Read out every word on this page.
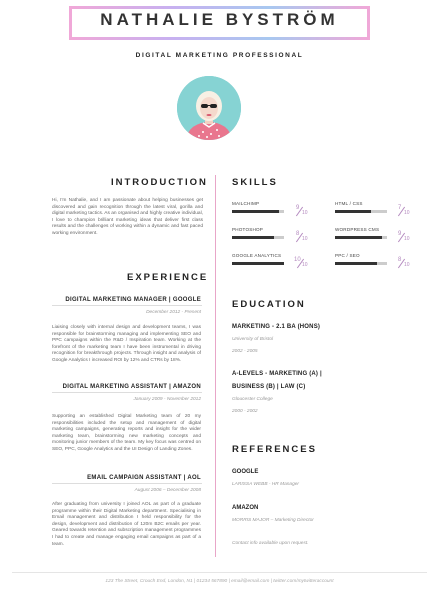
NATHALIE BYSTRÖM
DIGITAL MARKETING PROFESSIONAL
INTRODUCTION
Hi, I'm Nathalie, and I am passionate about helping businesses get discovered and gain recognition through the latest viral, gorilla and digital marketing tactics. As an organised and highly creative individual, I love to champion brilliant marketing ideas that deliver first class results and the challenges of working within a dynamic and fast paced working environment.
EXPERIENCE
DIGITAL MARKETING MANAGER | GOOGLE
December 2012 - Present
Liaising closely with internal design and development teams, I was responsible for brainstorming managing and implementing SEO and PPC campaigns within the R&D / Inspiration team. Working at the forefront of the marketing team I have been instrumental in driving recognition for breakthrough projects. Through insight and analysis of Google Analytics I increased ROI by 12% and CTRs by 18%.
DIGITAL MARKETING ASSISTANT | AMAZON
January 2009 - November 2012
Supporting an established Digital Marketing team of 20 my responsibilities included the setup and management of digital marketing campaigns, generating reports and insight for the wider marketing team, brainstorming new marketing concepts and monitoring junior members of the team. My key focus was centred on SEO, PPC, Google Analytics and the UI Design of Landing Zones.
EMAIL CAMPAIGN ASSISTANT | AOL
August 2006 – December 2008
After graduating from university I joined AOL as part of a graduate programme within their Digital Marketing department. Specialising in Email management and distribution I held responsibility for the design, development and distribution of 120m B2C emails per year. Geared towards retention and subscription management programmes I had to create and manage engaging email campaigns as part of a team.
SKILLS
MAILCHIMP
9
10
HTML / CSS
7
10
PHOTOSHOP
8
10
WORDPRESS CMS
9
10
GOOGLE ANALYTICS
10
10
PPC / SEO
8
10
EDUCATION
MARKETING - 2.1 BA (HONS)
University of Bristol
2002 - 2005
A-LEVELS - MARKETING (A) |
BUSINESS (B) | LAW (C)
Gloucester College
2000 - 2002
REFERENCES
GOOGLE
LARISSA WEBB - HR Manager
AMAZON
MORRIS MAJOR – Marketing Director
Contact info available upon request.
123 The Street, Crouch End, London, N1 | 01234 567890 | email@email.com | twitter.com/mytwitteraccount
